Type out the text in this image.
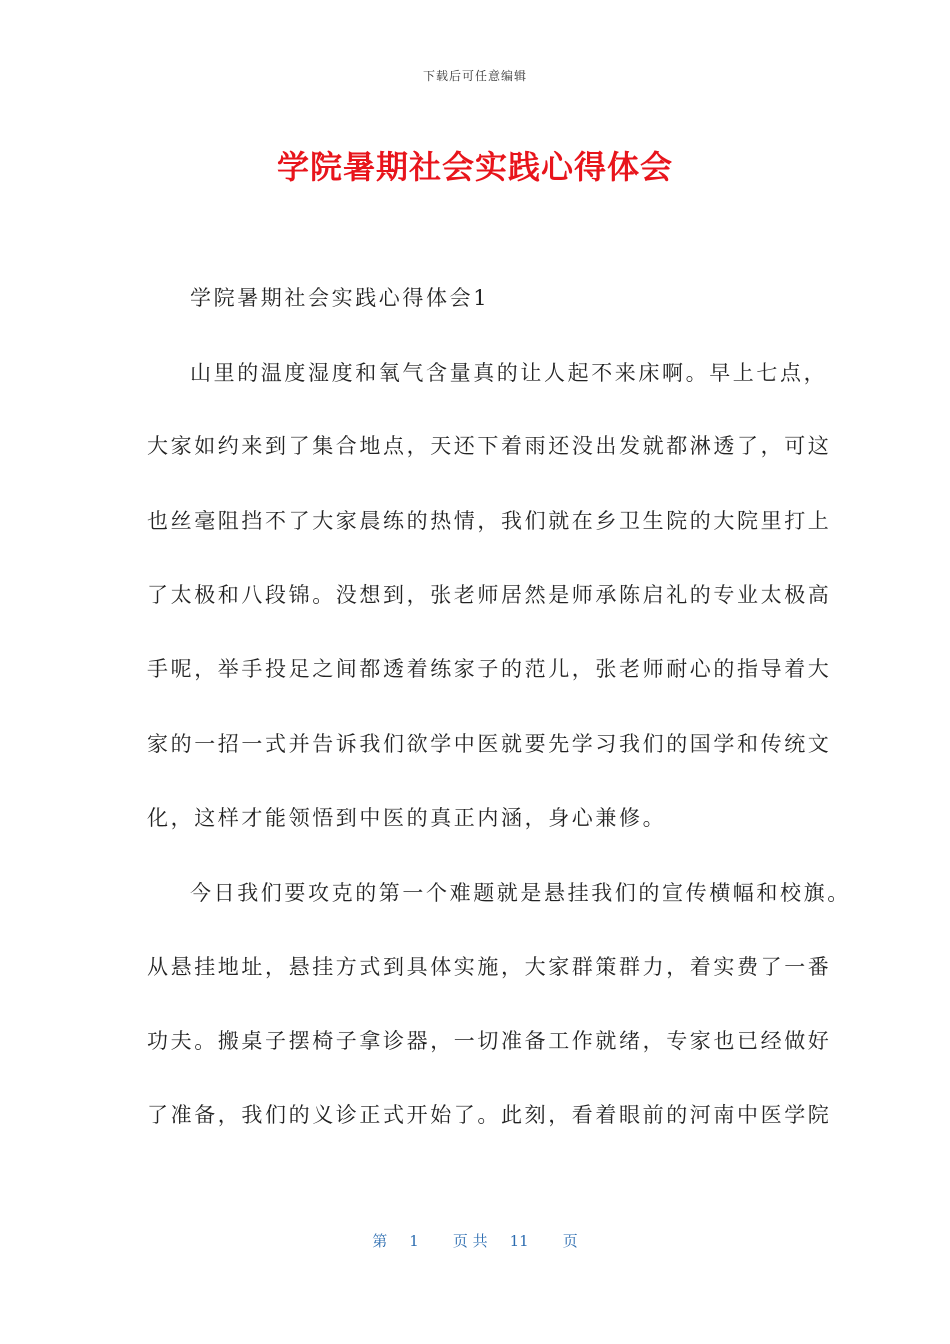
下载后可任意编辑
学院暑期社会实践心得体会
学院暑期社会实践心得体会1
山里的温度湿度和氧气含量真的让人起不来床啊。早上七点，
大家如约来到了集合地点，天还下着雨还没出发就都淋透了，可这
也丝毫阻挡不了大家晨练的热情，我们就在乡卫生院的大院里打上
了太极和八段锦。没想到，张老师居然是师承陈启礼的专业太极高
手呢，举手投足之间都透着练家子的范儿，张老师耐心的指导着大
家的一招一式并告诉我们欲学中医就要先学习我们的国学和传统文
化，这样才能领悟到中医的真正内涵，身心兼修。
今日我们要攻克的第一个难题就是悬挂我们的宣传横幅和校旗。
从悬挂地址，悬挂方式到具体实施，大家群策群力，着实费了一番
功夫。搬桌子摆椅子拿诊器，一切准备工作就绪，专家也已经做好
了准备，我们的义诊正式开始了。此刻，看着眼前的河南中医学院
第 1 页 共 11 页
